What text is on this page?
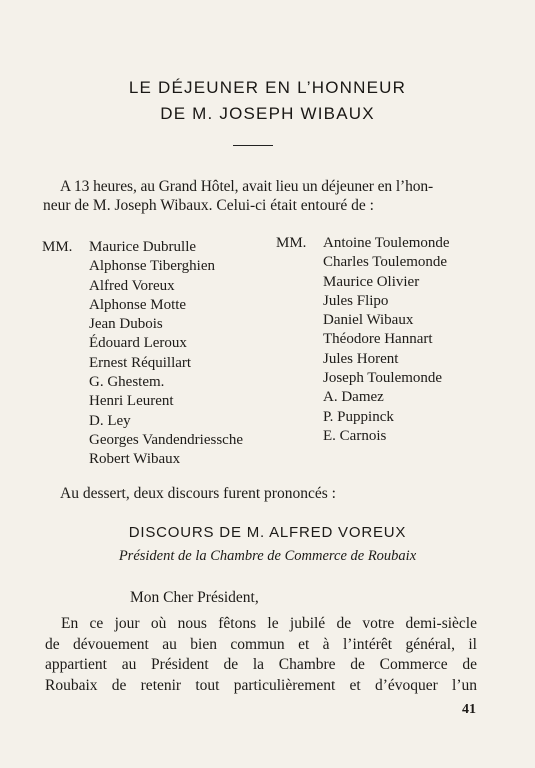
LE DÉJEUNER EN L’HONNEUR
DE M. JOSEPH WIBAUX
A 13 heures, au Grand Hôtel, avait lieu un déjeuner en l’hon-
neur de M. Joseph Wibaux. Celui-ci était entouré de :
MM. Maurice Dubrulle
Alphonse Tiberghien
Alfred Voreux
Alphonse Motte
Jean Dubois
Édouard Leroux
Ernest Réquillart
G. Ghestem.
Henri Leurent
D. Ley
Georges Vandendriessche
Robert Wibaux
MM. Antoine Toulemonde
Charles Toulemonde
Maurice Olivier
Jules Flipo
Daniel Wibaux
Théodore Hannart
Jules Horent
Joseph Toulemonde
A. Damez
P. Puppinck
E. Carnois
Au dessert, deux discours furent prononcés :
DISCOURS DE M. ALFRED VOREUX
Président de la Chambre de Commerce de Roubaix
Mon Cher Président,
En ce jour où nous fêtons le jubilé de votre demi-siècle
de dévouement au bien commun et à l’intérêt général, il
appartient au Président de la Chambre de Commerce de
Roubaix de retenir tout particulièrement et d’évoquer l’un
41
